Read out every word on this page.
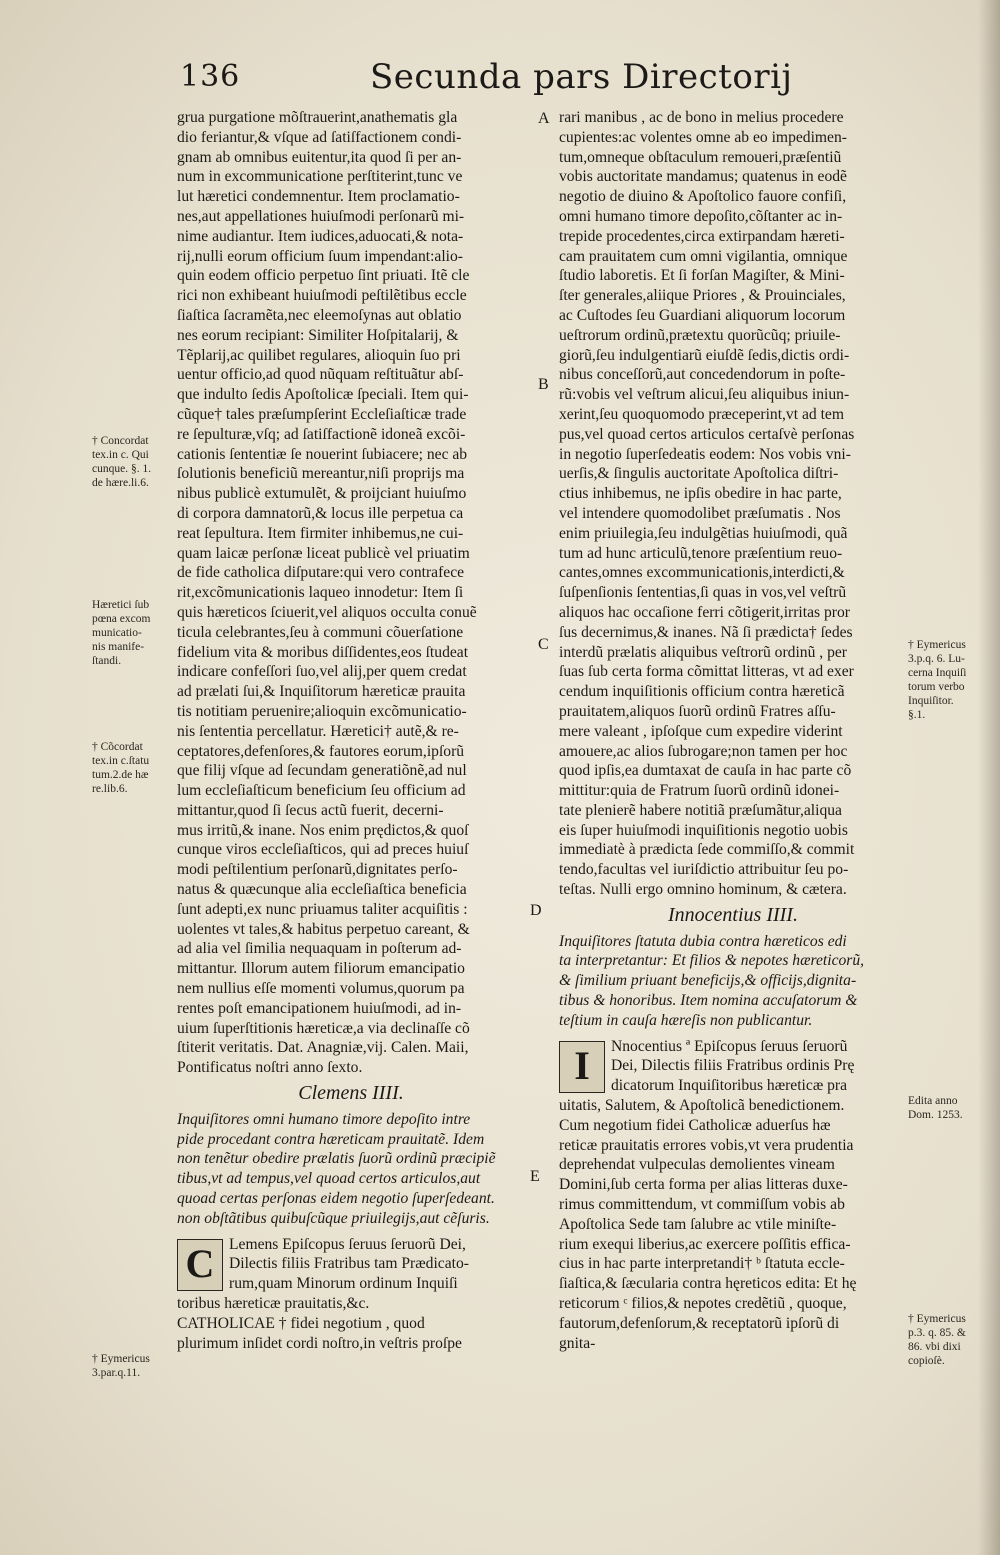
136	Secunda pars Directorij
A
B
C
D
E
grua purgatione mõſtrauerint,anathematis gla
dio feriantur,& vſque ad ſatiſfactionem condi-
gnam ab omnibus euitentur,ita quod ſi per an-
num in excommunicatione perſtiterint,tunc ve
lut hæretici condemnentur. Item proclamatio-
nes,aut appellationes huiuſmodi perſonarũ mi-
nime audiantur. Item iudices,aduocati,& nota-
rij,nulli eorum officium ſuum impendant:alio-
quin eodem officio perpetuo ſint priuati. Itẽ cle
rici non exhibeant huiuſmodi peſtilẽtibus eccle
ſiaſtica ſacramẽta,nec eleemoſynas aut oblatio
nes eorum recipiant: Similiter Hoſpitalarij, &
Tẽplarij,ac quilibet regulares, alioquin ſuo pri
uentur officio,ad quod nũquam reſtituãtur abſ-
que indulto ſedis Apoſtolicæ ſpeciali. Item qui-
cũque† tales præſumpſerint Eccleſiaſticæ trade
re ſepulturæ,vſq; ad ſatiſfactionẽ idoneã excõi-
cationis ſententiæ ſe nouerint ſubiacere; nec ab
ſolutionis beneficiũ mereantur,niſi proprijs ma
nibus publicè extumulẽt, & proijciant huiuſmo
di corpora damnatorũ,& locus ille perpetua ca
reat ſepultura. Item firmiter inhibemus,ne cui-
quam laicæ perſonæ liceat publicè vel priuatim
de fide catholica diſputare:qui vero contrafece
rit,excõmunicationis laqueo innodetur: Item ſi
quis hæreticos ſciuerit,vel aliquos occulta conuẽ
ticula celebrantes,ſeu à communi cõuerſatione
fidelium vita & moribus diſſidentes,eos ſtudeat
indicare confeſſori ſuo,vel alij,per quem credat
ad prælati ſui,& Inquiſitorum hæreticæ prauita
tis notitiam peruenire;alioquin excõmunicatio-
nis ſententia percellatur. Hæretici† autẽ,& re-
ceptatores,defenſores,& fautores eorum,ipſorũ
que filij vſque ad ſecundam generatiõnẽ,ad nul
lum eccleſiaſticum beneficium ſeu officium ad
mittantur,quod ſi ſecus actũ fuerit, decerni-
mus irritũ,& inane. Nos enim prędictos,& quoſ
cunque viros eccleſiaſticos, qui ad preces huiuſ
modi peſtilentium perſonarũ,dignitates perſo-
natus & quæcunque alia eccleſiaſtica beneficia
ſunt adepti,ex nunc priuamus taliter acquiſitis :
uolentes vt tales,& habitus perpetuo careant, &
ad alia vel ſimilia nequaquam in poſterum ad-
mittantur. Illorum autem filiorum emancipatio
nem nullius eſſe momenti volumus,quorum pa
rentes poſt emancipationem huiuſmodi, ad in-
uium ſuperſtitionis hæreticæ,a via declinaſſe cõ
ſtiterit veritatis. Dat. Anagniæ,vij. Calen. Maii,
Pontificatus noſtri anno ſexto.
Clemens IIII.
Inquiſitores omni humano timore depoſito intre
pide procedant contra hæreticam prauitatẽ. Idem
non tenẽtur obedire prælatis ſuorũ ordinũ præcipiẽ
tibus,vt ad tempus,vel quoad certos articulos,aut
quoad certas perſonas eidem negotio ſuperſedeant.
non obſtãtibus quibuſcũque priuilegijs,aut cẽſuris.
C Lemens Epiſcopus ſeruus ſeruorũ Dei,
Dilectis filiis Fratribus tam Prædicato-
rum,quam Minorum ordinum Inquiſi
toribus hæreticæ prauitatis,&c.
CATHOLICAE † fidei negotium , quod
plurimum inſidet cordi noſtro,in veſtris proſpe
rari manibus , ac de bono in melius procedere
cupientes:ac volentes omne ab eo impedimen-
tum,omneque obſtaculum remoueri,præſentiũ
vobis auctoritate mandamus; quatenus in eodẽ
negotio de diuino & Apoſtolico fauore confiſi,
omni humano timore depoſito,cõſtanter ac in-
trepide procedentes,circa extirpandam hæreti-
cam prauitatem cum omni vigilantia, omnique
ſtudio laboretis. Et ſi forſan Magiſter, & Mini-
ſter generales,aliique Priores , & Prouinciales,
ac Cuſtodes ſeu Guardiani aliquorum locorum
ueſtrorum ordinũ,prætextu quorũcũq; priuile-
giorũ,ſeu indulgentiarũ eiuſdẽ ſedis,dictis ordi-
nibus conceſſorũ,aut concedendorum in poſte-
rũ:vobis vel veſtrum alicui,ſeu aliquibus iniun-
xerint,ſeu quoquomodo præceperint,vt ad tem
pus,vel quoad certos articulos certaſvè perſonas
in negotio ſuperſedeatis eodem: Nos vobis vni-
uerſis,& ſingulis auctoritate Apoſtolica diſtri-
ctius inhibemus, ne ipſis obedire in hac parte,
vel intendere quomodolibet præſumatis . Nos
enim priuilegia,ſeu indulgẽtias huiuſmodi, quã
tum ad hunc articulũ,tenore præſentium reuo-
cantes,omnes excommunicationis,interdicti,&
ſuſpenſionis ſententias,ſi quas in vos,vel veſtrũ
aliquos hac occaſione ferri cõtigerit,irritas pror
ſus decernimus,& inanes. Nã ſi prædicta† ſedes
interdũ prælatis aliquibus veſtrorũ ordinũ , per
ſuas ſub certa forma cõmittat litteras, vt ad exer
cendum inquiſitionis officium contra hæreticã
prauitatem,aliquos ſuorũ ordinũ Fratres aſſu-
mere valeant , ipſoſque cum expedire viderint
amouere,ac alios ſubrogare;non tamen per hoc
quod ipſis,ea dumtaxat de cauſa in hac parte cõ
mittitur:quia de Fratrum ſuorũ ordinũ idonei-
tate plenierẽ habere notitiã præſumãtur,aliqua
eis ſuper huiuſmodi inquiſitionis negotio uobis
immediatè à prædicta ſede commiſſo,& commit
tendo,facultas vel iuriſdictio attribuitur ſeu po-
teſtas. Nulli ergo omnino hominum, & cætera.
Innocentius IIII.
Inquiſitores ſtatuta dubia contra hæreticos edi
ta interpretantur: Et filios & nepotes hæreticorũ,
& ſimilium priuant beneficijs,& officijs,dignita-
tibus & honoribus. Item nomina accuſatorum &
teſtium in cauſa hæreſis non publicantur.
I	Nnocentius ª Epiſcopus ſeruus ſeruorũ
Dei, Dilectis filiis Fratribus ordinis Prę
dicatorum Inquiſitoribus hæreticæ pra
uitatis, Salutem, & Apoſtolicã benedictionem.
Cum negotium fidei Catholicæ aduerſus hæ
reticæ prauitatis errores vobis,vt vera prudentia
deprehendat vulpeculas demolientes vineam
Domini,ſub certa forma per alias litteras duxe-
rimus committendum, vt commiſſum vobis ab
Apoſtolica Sede tam ſalubre ac vtile miniſte-
rium exequi liberius,ac exercere poſſitis effica-
cius in hac parte interpretandi† ᵇ ſtatuta eccle-
ſiaſtica,& ſæcularia contra hęreticos edita: Et hę
reticorum ᶜ filios,& nepotes credẽtiũ , quoque,
fautorum,defenſorum,& receptatorũ ipſorũ di
gnita-
† Concordat
tex.in c. Qui
cunque. §. 1.
de hære.li.6.
Hæretici ſub
pœna excom
municatio-
nis manife-
ſtandi.
† Cõcordat
tex.in c.ſtatu
tum.2.de hæ
re.lib.6.
† Eymericus
3.par.q.11.
† Eymericus
3.p.q. 6. Lu-
cerna Inquiſi
torum verbo
Inquiſitor.
§.1.
Edita anno
Dom. 1253.
† Eymericus
p.3. q. 85. &
86. vbi dixi
copioſè.
